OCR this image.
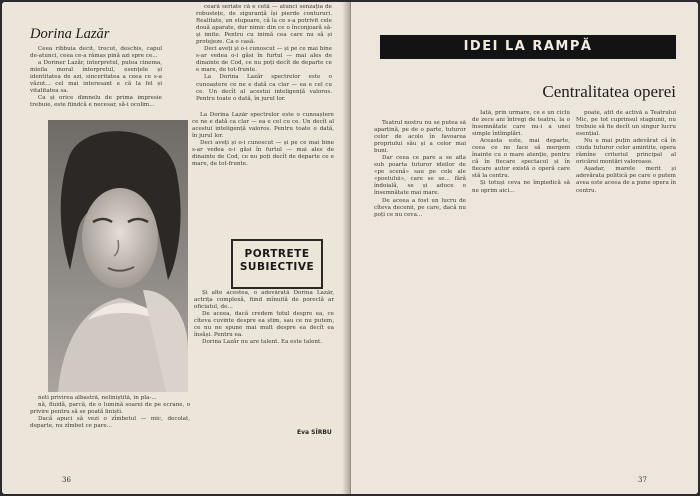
Dorina Lazăr

Ceea ribbuia decit, trecut, deschis, capul de-atunci, ceea ce-a rămas pină azi spre ce...

a Doriner Lazăr, interpretul, putea cinema, mieila moral interpretul, esențele și identitatea de azi, sinceritatea a ceea ce s-a văzut... cel mai interesant e că la fel și vitalitatea sa.

Ca și orice dimnelu de prima impresie trebuie, este fiindcă e necesar, să-i ocolim...

ceară seriate că e cetă — atunci senzația de robustețe, de siguranță își pierde contururi. Realitate, un stupoare, că la ce s-a potrivit cele două aparate, dur nimic din ce o înconjoară să-și imite. Pentru cu inimă cea care nu să și protejeze. Ca o casă.

Deci aveți și o-i cunoscut — și pe ce mai bine s-ar vedea o-i găsi în furtul — mai ales de dinainte de Cod, ce nu poți decît de departe ce e mare, de tot-frunte.

La Dorina Lazăr spectrelor este o cunoaștere ce ne e dată ca clar — ea e cel cu ce. Un decît al acestui inteligență valoros. Pentru toate o dată, în jurul lor.

La Dorina Lazăr spectrelor este o cunoaștere ce ne e dată ca clar — ea e cel cu ce. Un decît al acestui inteligență valoros. Pentru toate o dată, în jurul lor.

Deci aveți și o-i cunoscut — și pe ce mai bine s-ar vedea o-i găsi în furtul — mai ales de dinainte de Cod, ce nu poți decît de departe ce e mare, de tot-frunte.

PORTRETE
SUBIECTIVE

Și alte acestea, o adevărată Dorina Lazăr, actrița complexă, fiind mînuită de poreclă ar oficiatul, de...

De aceea, dacă credem totul despre ea, ce cîteva cuvinte despre ea știm, sau ce nu putem, ce nu ne spune mai mult despre ea decît ea însăși. Pentru ea.

Dorina Lazăr nu are talent. Ea este talent.

neti privirea albastră, neliniștită, în pla-...

nă, fluidă, parcă, de o lumină soarei de pe ecrane, o privire pentru să se poată liniști.

Dacă apuci să vezi o zîmbetul — mic, decolat, departe, nu zîmbet ce pare...

Eva SÎRBU
36
IDEI LA RAMPĂ
Centralitatea operei

Teatrul nostru nu se putea să aparțină, pe de o parte, tuturor celor de acolo în favoarea propriului său și a celor mai buni.

Dar ceea ce pare a se afla sub poarta tuturor ideilor de «pe scenă» sau pe cele ale «poetului», care se se... fără îndoială, se și aduce o însemnătate mai mare.

De aceea a fost un lucru de cîteva decenii, pe care, dacă nu poți ce nu ceva...

Iată, prin urmare, ce e un ciclu de zece ani întregi de teatru, la o însemnătate care nu-i a unei simple întîmplări.

Aceasta este, mai departe, ceea ce ne face să mergem înainte cu o mare atenție, pentru că în fiecare spectacol și în fiecare autor există o operă care stă la centru.

Și totuși ceva ne împiedică să ne oprim aici...

poate, atît de activă a Teatrului Mic, pe tot cuprinsul stagiunii, nu trebuie să fie decît un singur lucru esențial.

Nu e mai puțin adevărat că în ciuda tuturor celor amintite, opera rămîne criteriul principal al oricărei montări valoroase.

Așadar, marele merit și adevărata politică pe care o putem avea este aceea de a pune opera în centru.

37
